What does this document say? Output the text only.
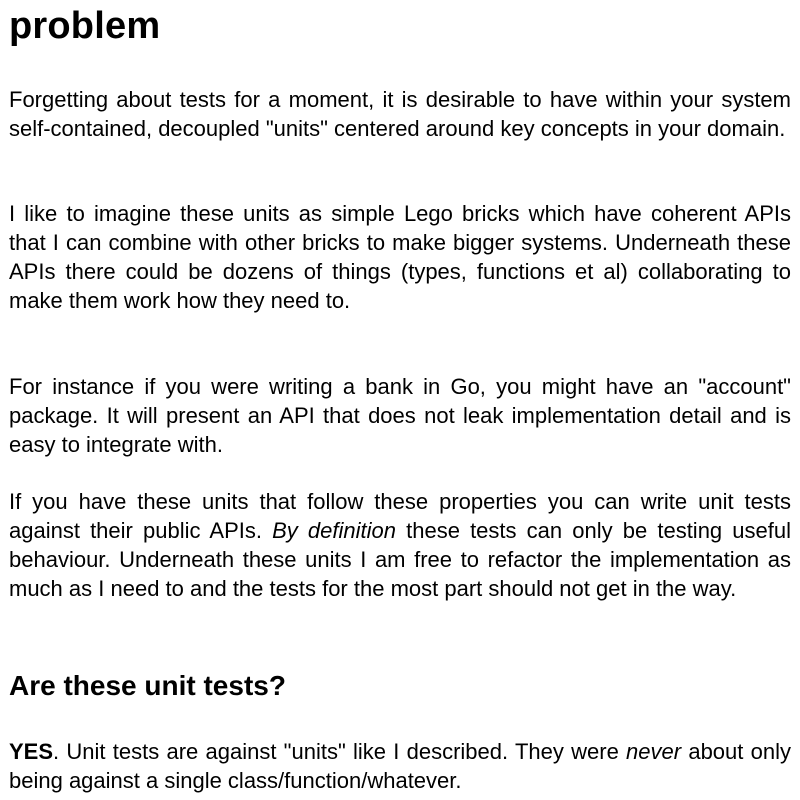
problem

Forgetting about tests for a moment, it is desirable to have within your system self-contained, decoupled "units" centered around key concepts in your domain.

I like to imagine these units as simple Lego bricks which have coherent APIs that I can combine with other bricks to make bigger systems. Underneath these APIs there could be dozens of things (types, functions et al) collaborating to make them work how they need to.

For instance if you were writing a bank in Go, you might have an "account" package. It will present an API that does not leak implementation detail and is easy to integrate with.

If you have these units that follow these properties you can write unit tests against their public APIs. By definition these tests can only be testing useful behaviour. Underneath these units I am free to refactor the implementation as much as I need to and the tests for the most part should not get in the way.

Are these unit tests?

YES. Unit tests are against "units" like I described. They were never about only being against a single class/function/whatever.
